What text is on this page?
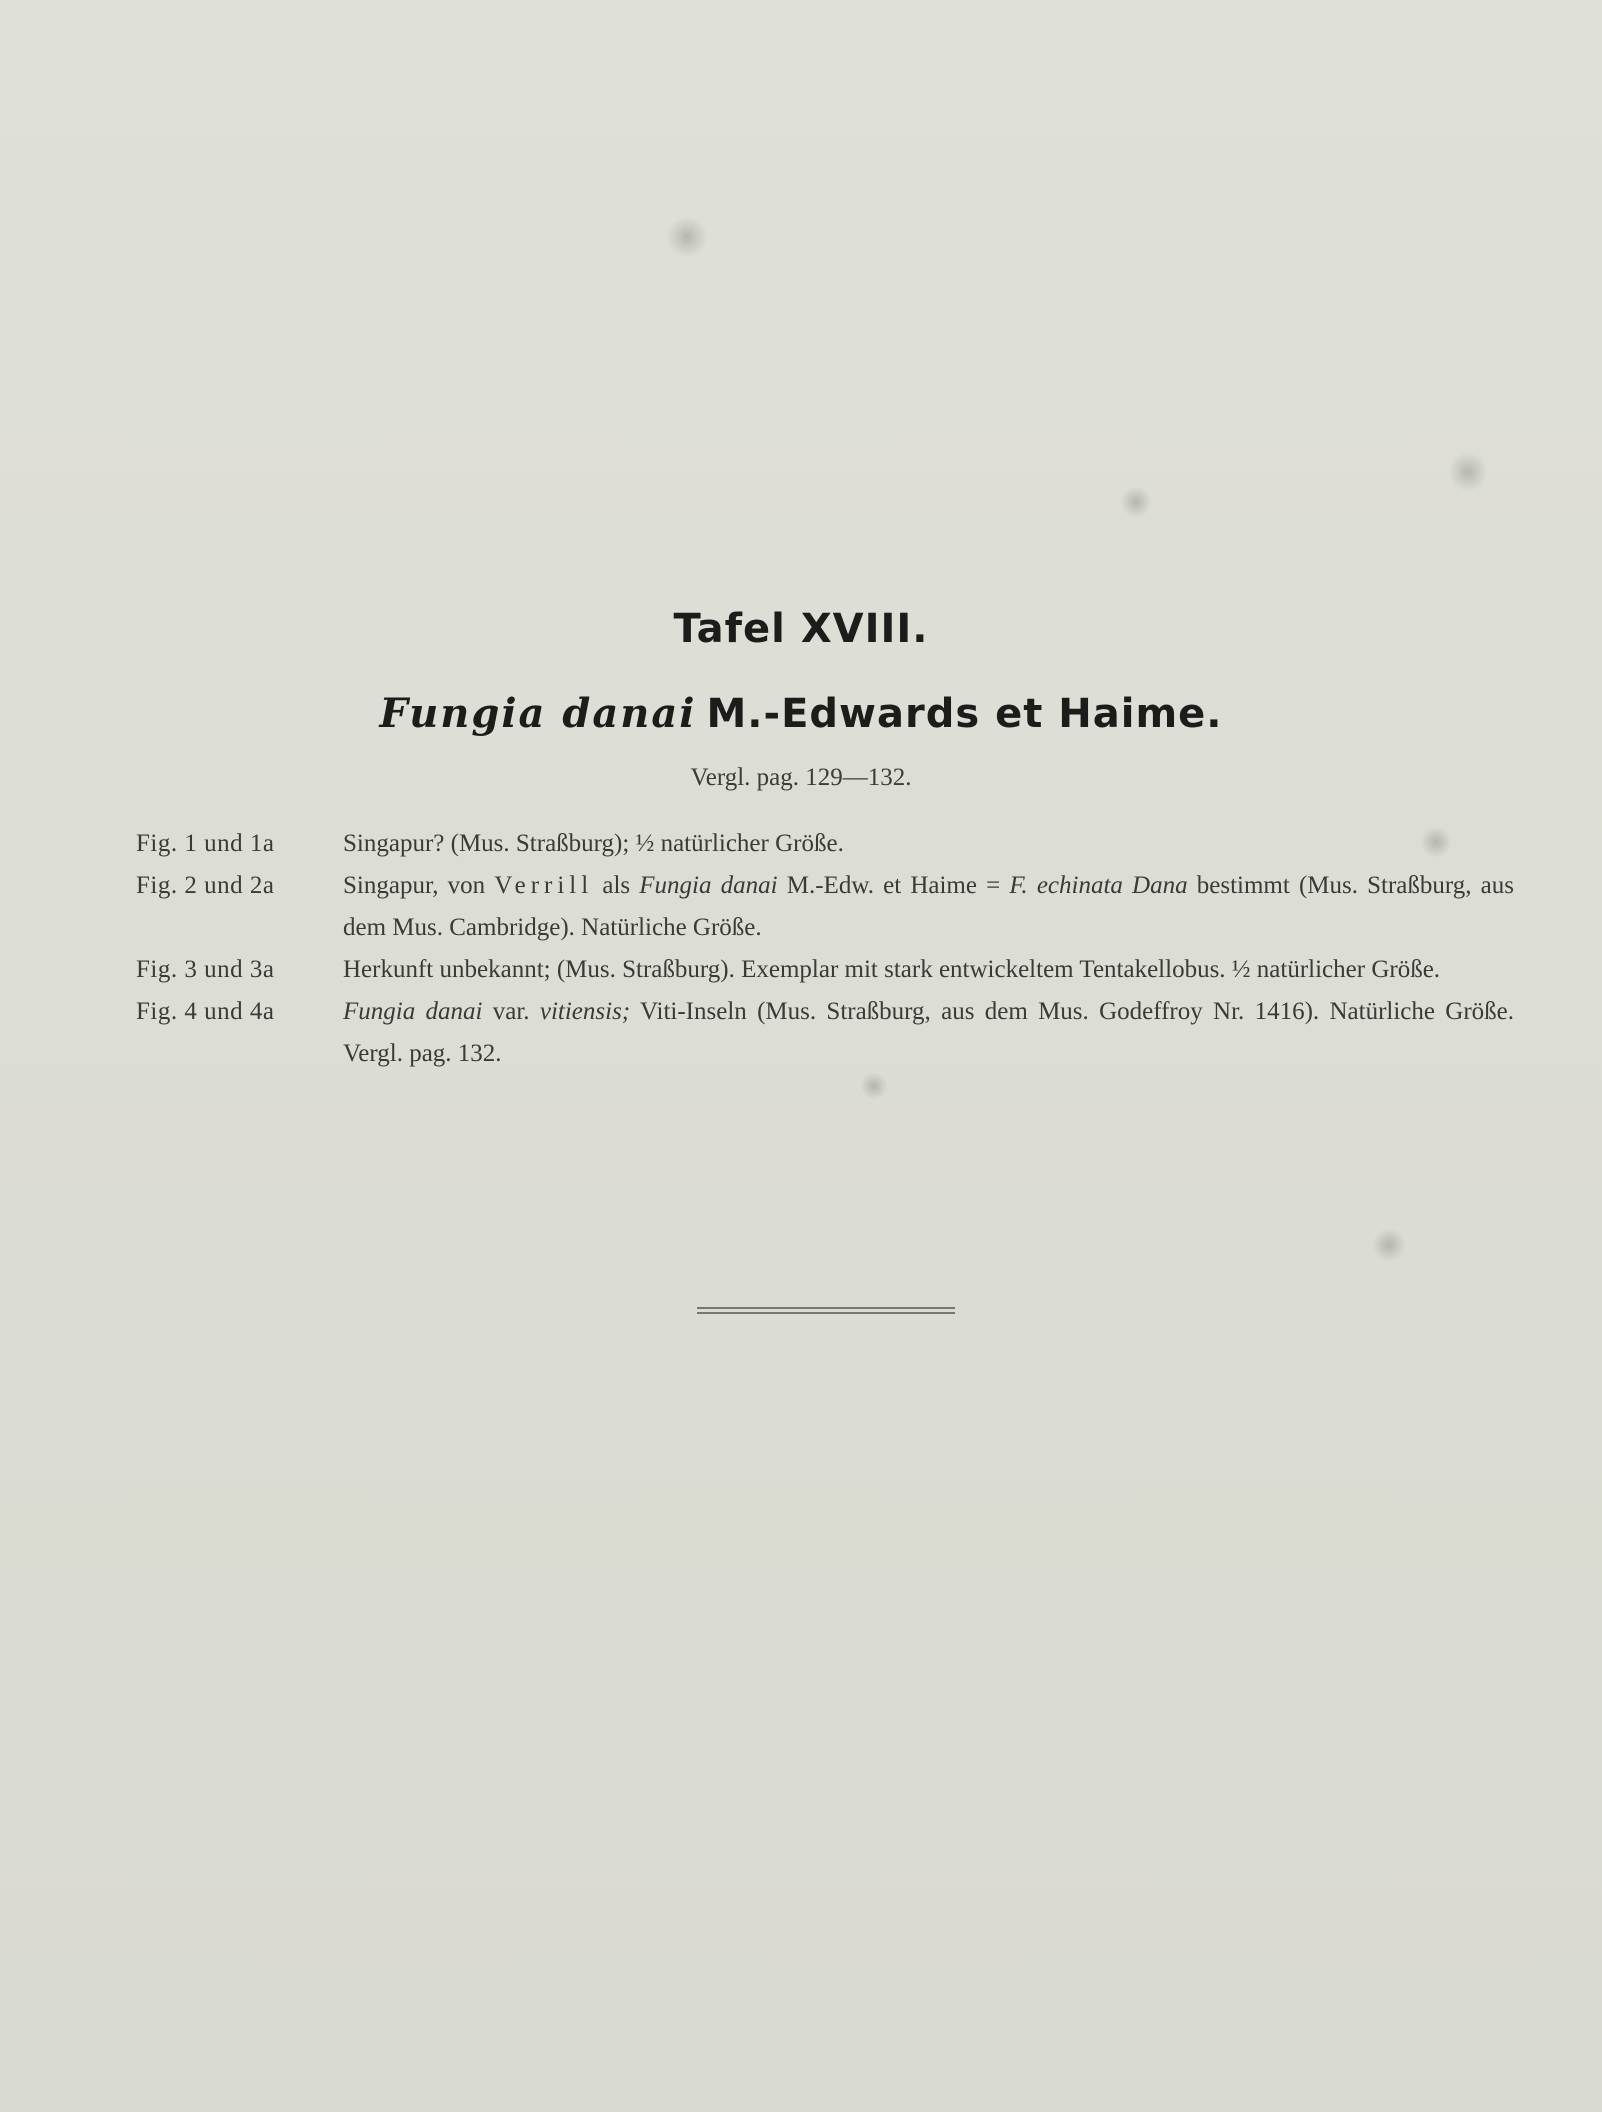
Tafel XVIII.
Fungia danai M.-Edwards et Haime.
Vergl. pag. 129—132.
Fig. 1 und 1a	Singapur? (Mus. Straßburg); ½ natürlicher Größe.
Fig. 2 und 2a	Singapur, von Verrill als Fungia danai M.-Edw. et Haime = F. echinata Dana bestimmt (Mus. Straßburg, aus dem Mus. Cambridge). Natürliche Größe.
Fig. 3 und 3a	Herkunft unbekannt; (Mus. Straßburg). Exemplar mit stark entwickeltem Tentakellobus. ½ natürlicher Größe.
Fig. 4 und 4a	Fungia danai var. vitiensis; Viti-Inseln (Mus. Straßburg, aus dem Mus. Godeffroy Nr. 1416). Natürliche Größe. Vergl. pag. 132.
